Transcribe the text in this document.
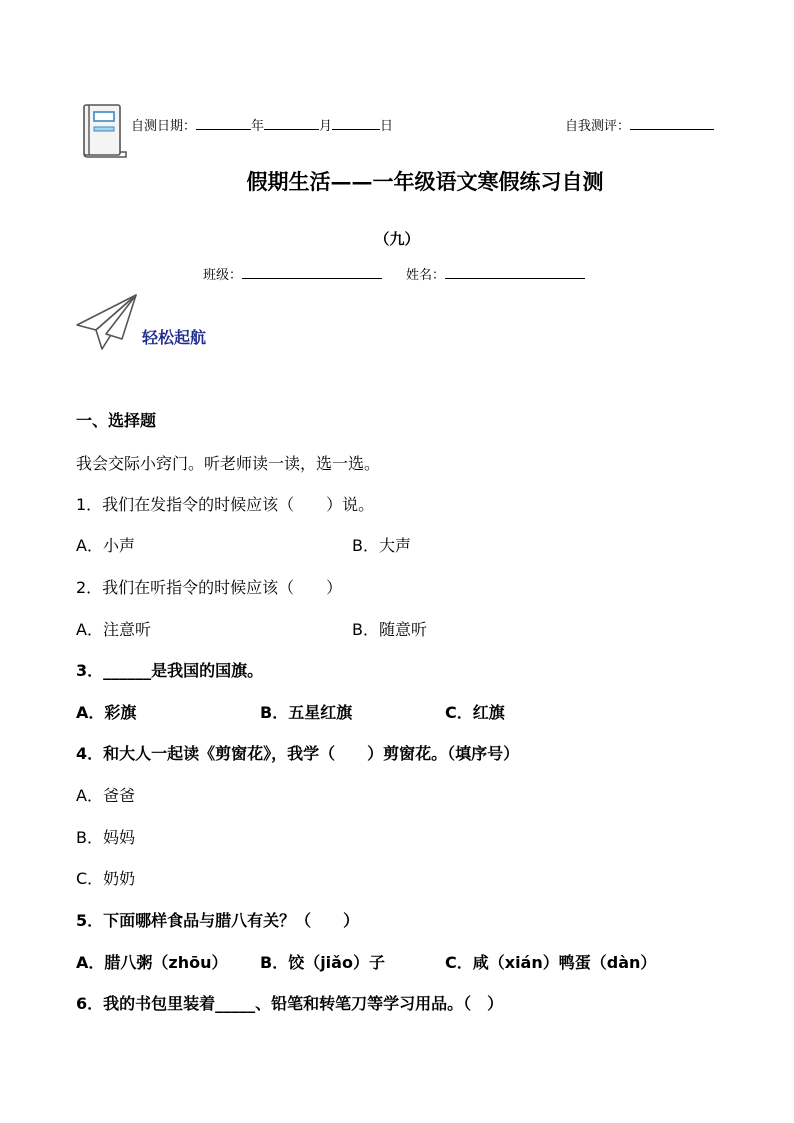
自测日期：	年	月	日	自我测评：
假期生活——一年级语文寒假练习自测
（九）
班级：	姓名：
轻松起航
一、选择题
我会交际小窍门。听老师读一读，选一选。
1．我们在发指令的时候应该（　　）说。
A．小声	B．大声
2．我们在听指令的时候应该（　　）
A．注意听	B．随意听
3．______是我国的国旗。
A．彩旗	B．五星红旗	C．红旗
4．和大人一起读《剪窗花》，我学（　　）剪窗花。（填序号）
A．爸爸
B．妈妈
C．奶奶
5．下面哪样食品与腊八有关？（　　）
A．腊八粥（zhōu） B．饺（jiǎo）子	C．咸（xián）鸭蛋（dàn）
6．我的书包里装着_____、铅笔和转笔刀等学习用品。（　）
